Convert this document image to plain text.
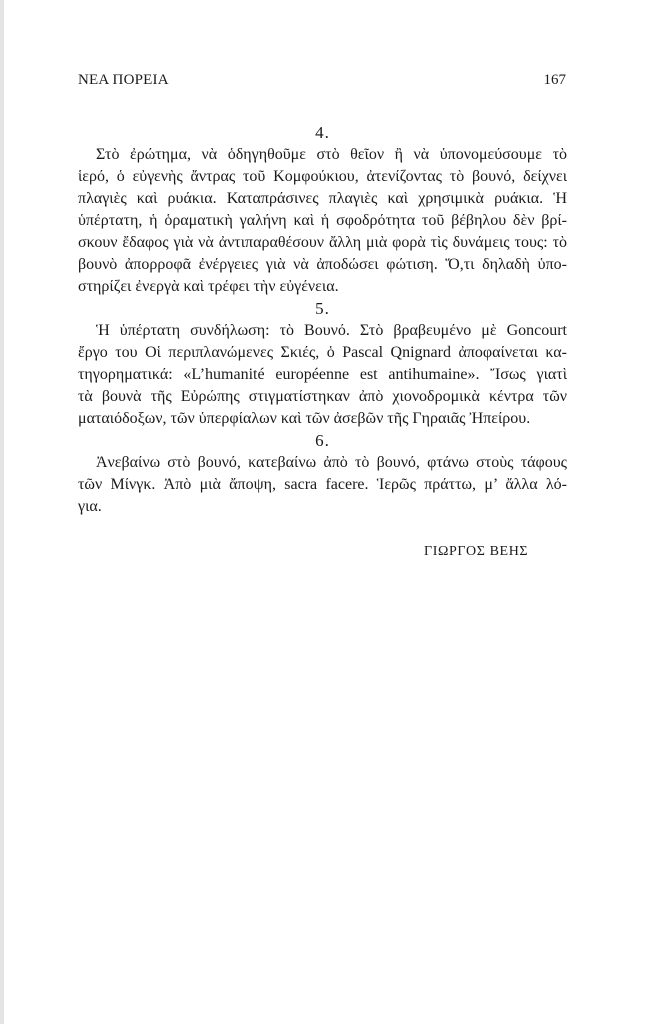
ΝΕΑ ΠΟΡΕΙΑ	167
4.
Στὸ ἐρώτημα, νὰ ὁδηγηθοῦμε στὸ θεῖον ἢ νὰ ὑπονομεύσουμε τὸ
ἱερό, ὁ εὐγενὴς ἄντρας τοῦ Κομφούκιου, ἀτενίζοντας τὸ βουνό, δείχνει
πλαγιὲς καὶ ρυάκια. Καταπράσινες πλαγιὲς καὶ χρησιμικὰ ρυάκια. Ἡ
ὑπέρτατη, ἡ ὁραματικὴ γαλήνη καὶ ἡ σφοδρότητα τοῦ βέβηλου δὲν βρί-
σκουν ἔδαφος γιὰ νὰ ἀντιπαραθέσουν ἄλλη μιὰ φορὰ τὶς δυνάμεις τους: τὸ
βουνὸ ἀπορροφᾶ ἐνέργειες γιὰ νὰ ἀποδώσει φώτιση. Ὅ,τι δηλαδὴ ὑπο-
στηρίζει ἐνεργὰ καὶ τρέφει τὴν εὐγένεια.
5.
Ἡ ὑπέρτατη συνδήλωση: τὸ Βουνό. Στὸ βραβευμένο μὲ Goncourt
ἔργο του Οἱ περιπλανώμενες Σκιές, ὁ Pascal Qnignard ἀποφαίνεται κα-
τηγορηματικά: «L’humanité européenne est antihumaine». Ἴσως γιατὶ
τὰ βουνὰ τῆς Εὐρώπης στιγματίστηκαν ἀπὸ χιονοδρομικὰ κέντρα τῶν
ματαιόδοξων, τῶν ὑπερφίαλων καὶ τῶν ἀσεβῶν τῆς Γηραιᾶς Ἠπείρου.
6.
Ἀνεβαίνω στὸ βουνό, κατεβαίνω ἀπὸ τὸ βουνό, φτάνω στοὺς τάφους
τῶν Μίνγκ. Ἀπὸ μιὰ ἄποψη, sacra facere. Ἱερῶς πράττω, μ’ ἄλλα λό-
για.
ΓΙΩΡΓΟΣ ΒΕΗΣ
